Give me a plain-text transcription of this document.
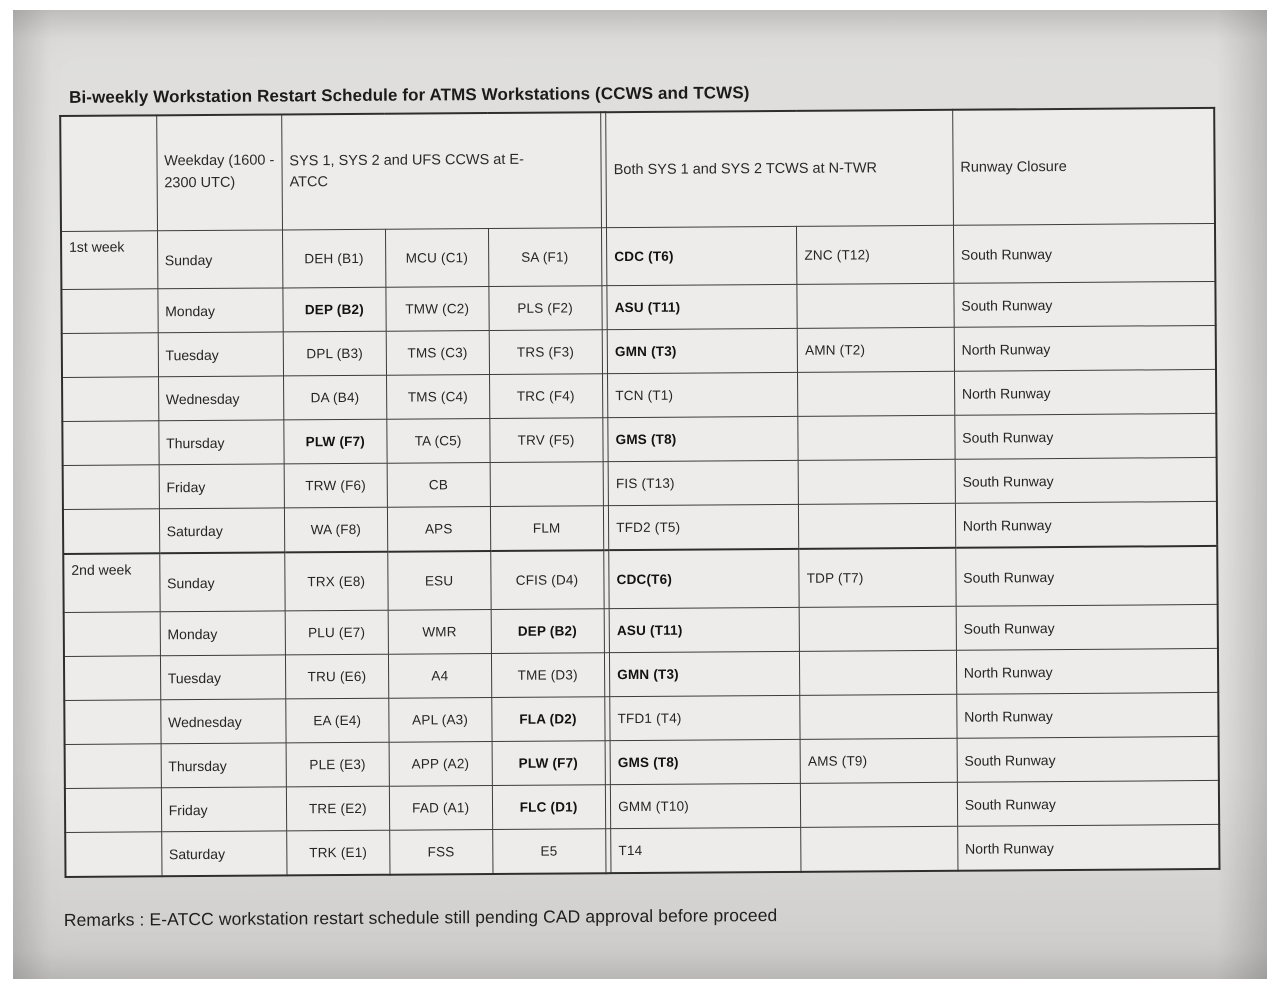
Bi-weekly Workstation Restart Schedule for ATMS Workstations (CCWS and TCWS)
	Weekday (1600 - 2300 UTC)	SYS 1, SYS 2 and UFS CCWS at E-ATCC				Both SYS 1 and SYS 2 TCWS at N-TWR		Runway Closure
1st week	Sunday	DEH (B1)	MCU (C1)	SA (F1)		CDC (T6)	ZNC (T12)	South Runway
	Monday	DEP (B2)	TMW (C2)	PLS (F2)		ASU (T11)		South Runway
	Tuesday	DPL (B3)	TMS (C3)	TRS (F3)		GMN (T3)	AMN (T2)	North Runway
	Wednesday	DA (B4)	TMS (C4)	TRC (F4)		TCN (T1)		North Runway
	Thursday	PLW (F7)	TA (C5)	TRV (F5)		GMS (T8)		South Runway
	Friday	TRW (F6)	CB			FIS (T13)		South Runway
	Saturday	WA (F8)	APS	FLM		TFD2 (T5)		North Runway
2nd week	Sunday	TRX (E8)	ESU	CFIS (D4)		CDC(T6)	TDP (T7)	South Runway
	Monday	PLU (E7)	WMR	DEP (B2)		ASU (T11)		South Runway
	Tuesday	TRU (E6)	A4	TME (D3)		GMN (T3)		North Runway
	Wednesday	EA (E4)	APL (A3)	FLA (D2)		TFD1 (T4)		North Runway
	Thursday	PLE (E3)	APP (A2)	PLW (F7)		GMS (T8)	AMS (T9)	South Runway
	Friday	TRE (E2)	FAD (A1)	FLC (D1)		GMM (T10)		South Runway
	Saturday	TRK (E1)	FSS	E5		T14		North Runway
Remarks : E-ATCC workstation restart schedule still pending CAD approval before proceed
